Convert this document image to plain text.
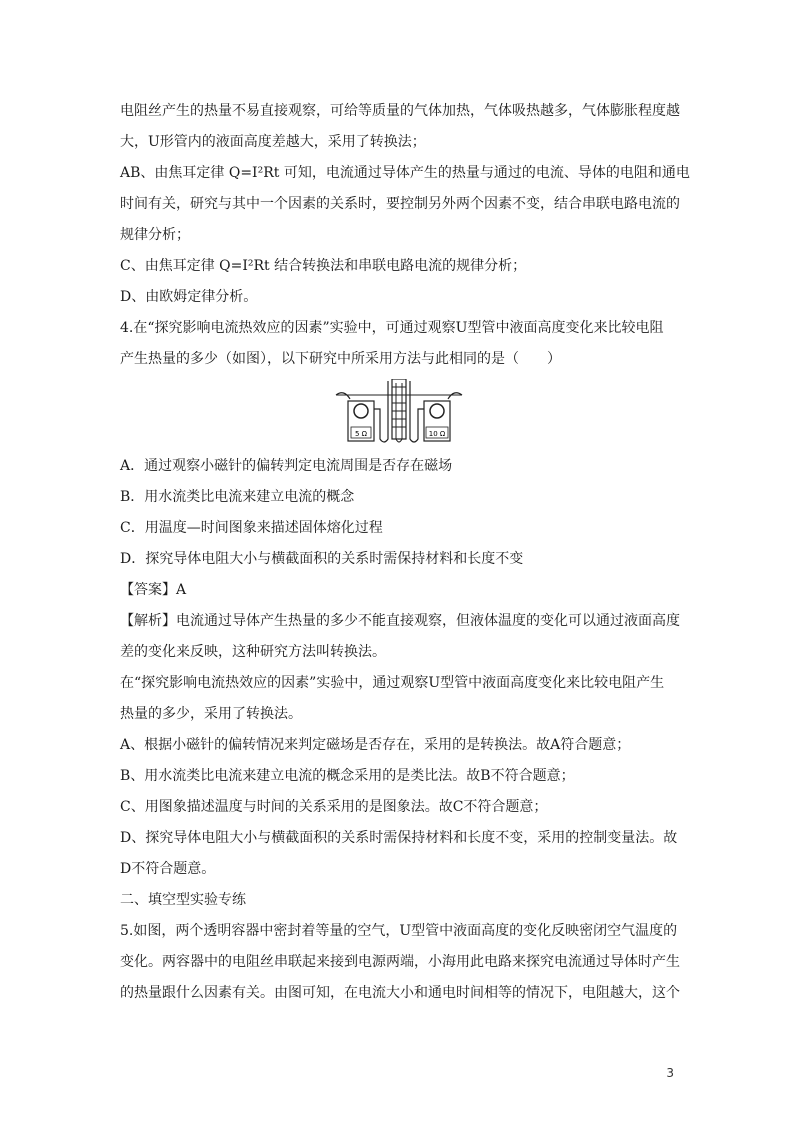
电阻丝产生的热量不易直接观察，可给等质量的气体加热，气体吸热越多，气体膨胀程度越
大，U形管内的液面高度差越大，采用了转换法；
AB、由焦耳定律 Q=I²Rt 可知，电流通过导体产生的热量与通过的电流、导体的电阻和通电
时间有关，研究与其中一个因素的关系时，要控制另外两个因素不变，结合串联电路电流的
规律分析；
C、由焦耳定律 Q=I²Rt 结合转换法和串联电路电流的规律分析；
D、由欧姆定律分析。
4.在“探究影响电流热效应的因素”实验中，可通过观察U型管中液面高度变化来比较电阻
产生热量的多少（如图），以下研究中所采用方法与此相同的是（　　）
5 Ω	10 Ω
A．通过观察小磁针的偏转判定电流周围是否存在磁场
B．用水流类比电流来建立电流的概念
C．用温度—时间图象来描述固体熔化过程
D．探究导体电阻大小与横截面积的关系时需保持材料和长度不变
【答案】A
【解析】电流通过导体产生热量的多少不能直接观察，但液体温度的变化可以通过液面高度
差的变化来反映，这种研究方法叫转换法。
在“探究影响电流热效应的因素”实验中，通过观察U型管中液面高度变化来比较电阻产生
热量的多少，采用了转换法。
A、根据小磁针的偏转情况来判定磁场是否存在，采用的是转换法。故A符合题意；
B、用水流类比电流来建立电流的概念采用的是类比法。故B不符合题意；
C、用图象描述温度与时间的关系采用的是图象法。故C不符合题意；
D、探究导体电阻大小与横截面积的关系时需保持材料和长度不变，采用的控制变量法。故
D不符合题意。
二、填空型实验专练
5.如图，两个透明容器中密封着等量的空气，U型管中液面高度的变化反映密闭空气温度的
变化。两容器中的电阻丝串联起来接到电源两端，小海用此电路来探究电流通过导体时产生
的热量跟什么因素有关。由图可知，在电流大小和通电时间相等的情况下，电阻越大，这个
3
